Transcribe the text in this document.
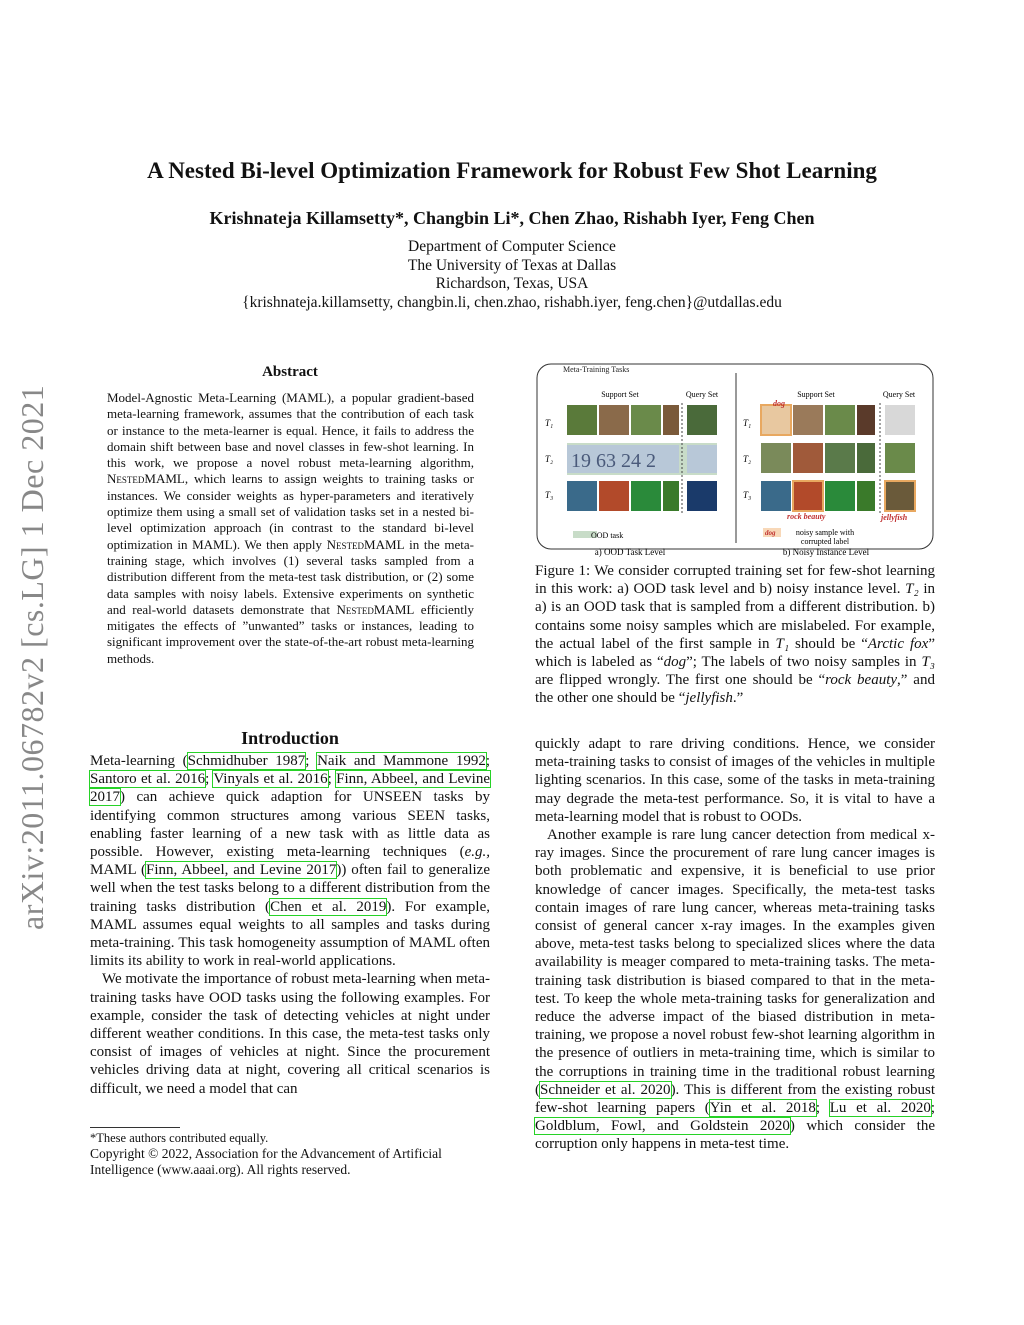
A Nested Bi-level Optimization Framework for Robust Few Shot Learning
Krishnateja Killamsetty*, Changbin Li*, Chen Zhao, Rishabh Iyer, Feng Chen
Department of Computer Science
The University of Texas at Dallas
Richardson, Texas, USA
{krishnateja.killamsetty, changbin.li, chen.zhao, rishabh.iyer, feng.chen}@utdallas.edu
arXiv:2011.06782v2 [cs.LG] 1 Dec 2021
Abstract
Model-Agnostic Meta-Learning (MAML), a popular gradient-based meta-learning framework, assumes that the contribution of each task or instance to the meta-learner is equal. Hence, it fails to address the domain shift between base and novel classes in few-shot learning. In this work, we propose a novel robust meta-learning algorithm, NestedMAML, which learns to assign weights to training tasks or instances. We consider weights as hyper-parameters and iteratively optimize them using a small set of validation tasks set in a nested bi-level optimization approach (in contrast to the standard bi-level optimization in MAML). We then apply NestedMAML in the meta-training stage, which involves (1) several tasks sampled from a distribution different from the meta-test task distribution, or (2) some data samples with noisy labels. Extensive experiments on synthetic and real-world datasets demonstrate that NestedMAML efficiently mitigates the effects of ”unwanted” tasks or instances, leading to significant improvement over the state-of-the-art robust meta-learning methods.
Introduction

Meta-learning (Schmidhuber 1987; Naik and Mammone 1992; Santoro et al. 2016; Vinyals et al. 2016; Finn, Abbeel, and Levine 2017) can achieve quick adaption for UNSEEN tasks by identifying common structures among various SEEN tasks, enabling faster learning of a new task with as little data as possible. However, existing meta-learning techniques (e.g., MAML (Finn, Abbeel, and Levine 2017)) often fail to generalize well when the test tasks belong to a different distribution from the training tasks distribution (Chen et al. 2019). For example, MAML assumes equal weights to all samples and tasks during meta-training. This task homogeneity assumption of MAML often limits its ability to work in real-world applications.

We motivate the importance of robust meta-learning when meta-training tasks have OOD tasks using the following examples. For example, consider the task of detecting vehicles at night under different weather conditions. In this case, the meta-test tasks only consist of images of vehicles at night. Since the procurement vehicles driving data at night, covering all critical scenarios is difficult, we need a model that can

*These authors contributed equally.
Copyright © 2022, Association for the Advancement of Artificial Intelligence (www.aaai.org). All rights reserved.

quickly adapt to rare driving conditions. Hence, we consider meta-training tasks to consist of images of the vehicles in multiple lighting scenarios. In this case, some of the tasks in meta-training may degrade the meta-test performance. So, it is vital to have a meta-learning model that is robust to OODs.

Another example is rare lung cancer detection from medical x-ray images. Since the procurement of rare lung cancer images is both problematic and expensive, it is beneficial to use prior knowledge of cancer images. Specifically, the meta-test tasks contain images of rare lung cancer, whereas meta-training tasks consist of general cancer x-ray images. In the examples given above, meta-test tasks belong to specialized slices where the data availability is meager compared to meta-training tasks. The meta-training task distribution is biased compared to that in the meta-test. To keep the whole meta-training tasks for generalization and reduce the adverse impact of the biased distribution in meta-training, we propose a novel robust few-shot learning algorithm in the presence of outliers in meta-training time, which is similar to the corruptions in training time in the traditional robust learning (Schneider et al. 2020). This is different from the existing robust few-shot learning papers (Yin et al. 2018; Lu et al. 2020; Goldblum, Fowl, and Goldstein 2020) which consider the corruption only happens in meta-test time.

Meta-Training Tasks
Support Set	Query Set
T₁
T₂
T₃
19 63 24 2
OOD task
a) OOD Task Level
Support Set	Query Set
T₁
T₂
T₃
dog
rock beauty	jellyfish
dog	noisy sample with
corrupted label
b) Noisy Instance Level
Figure 1: We consider corrupted training set for few-shot learning in this work: a) OOD task level and b) noisy instance level. T₂ in a) is an OOD task that is sampled from a different distribution. b) contains some noisy samples which are mislabeled. For example, the actual label of the first sample in T₁ should be “Arctic fox” which is labeled as “dog”; The labels of two noisy samples in T₃ are flipped wrongly. The first one should be “rock beauty,” and the other one should be “jellyfish.”
